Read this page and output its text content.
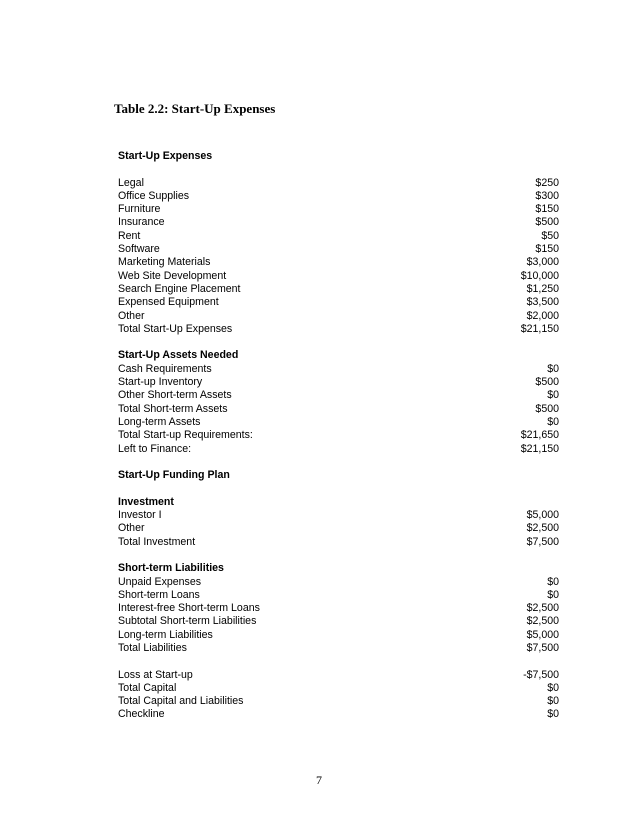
Table 2.2: Start-Up Expenses
Start-Up Expenses
Legal	$250
Office Supplies	$300
Furniture	$150
Insurance	$500
Rent	$50
Software	$150
Marketing Materials	$3,000
Web Site Development	$10,000
Search Engine Placement	$1,250
Expensed Equipment	$3,500
Other	$2,000
Total Start-Up Expenses	$21,150
Start-Up Assets Needed
Cash Requirements	$0
Start-up Inventory	$500
Other Short-term Assets	$0
Total Short-term Assets	$500
Long-term Assets	$0
Total Start-up Requirements:	$21,650
Left to Finance:	$21,150
Start-Up Funding Plan
Investment
Investor I	$5,000
Other	$2,500
Total Investment	$7,500
Short-term Liabilities
Unpaid Expenses	$0
Short-term Loans	$0
Interest-free Short-term Loans	$2,500
Subtotal Short-term Liabilities	$2,500
Long-term Liabilities	$5,000
Total Liabilities	$7,500
Loss at Start-up	-$7,500
Total Capital	$0
Total Capital and Liabilities	$0
Checkline	$0
7
